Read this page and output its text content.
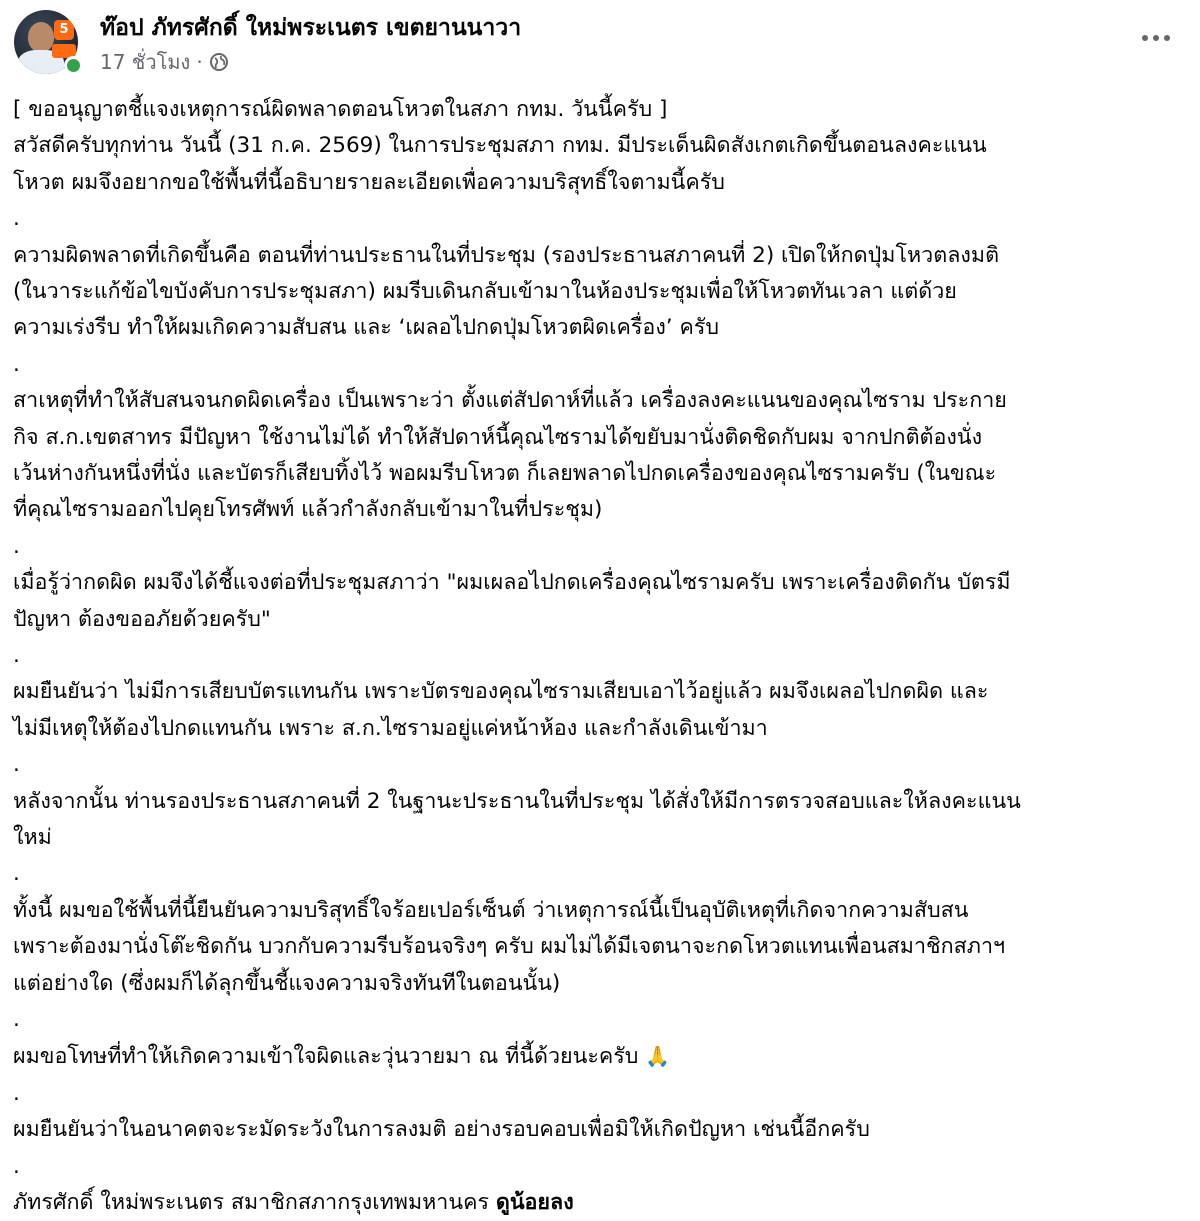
5 ท๊อป ภัทรศักดิ์ ใหม่พระเนตร เขตยานนาวา
17 ชั่วโมง ·
[ ขออนุญาตชี้แจงเหตุการณ์ผิดพลาดตอนโหวตในสภา กทม. วันนี้ครับ ]
สวัสดีครับทุกท่าน วันนี้ (31 ก.ค. 2569) ในการประชุมสภา กทม. มีประเด็นผิดสังเกตเกิดขึ้นตอนลงคะแนน
โหวต ผมจึงอยากขอใช้พื้นที่นี้อธิบายรายละเอียดเพื่อความบริสุทธิ์ใจตามนี้ครับ
.
ความผิดพลาดที่เกิดขึ้นคือ ตอนที่ท่านประธานในที่ประชุม (รองประธานสภาคนที่ 2) เปิดให้กดปุ่มโหวตลงมติ
(ในวาระแก้ข้อไขบังคับการประชุมสภา) ผมรีบเดินกลับเข้ามาในห้องประชุมเพื่อให้โหวตทันเวลา แต่ด้วย
ความเร่งรีบ ทำให้ผมเกิดความสับสน และ ‘เผลอไปกดปุ่มโหวตผิดเครื่อง’ ครับ
.
สาเหตุที่ทำให้สับสนจนกดผิดเครื่อง เป็นเพราะว่า ตั้งแต่สัปดาห์ที่แล้ว เครื่องลงคะแนนของคุณไซราม ประกาย
กิจ ส.ก.เขตสาทร มีปัญหา ใช้งานไม่ได้ ทำให้สัปดาห์นี้คุณไซรามได้ขยับมานั่งติดชิดกับผม จากปกติต้องนั่ง
เว้นห่างกันหนึ่งที่นั่ง และบัตรก็เสียบทิ้งไว้ พอผมรีบโหวต ก็เลยพลาดไปกดเครื่องของคุณไซรามครับ (ในขณะ
ที่คุณไซรามออกไปคุยโทรศัพท์ แล้วกำลังกลับเข้ามาในที่ประชุม)
.
เมื่อรู้ว่ากดผิด ผมจึงได้ชี้แจงต่อที่ประชุมสภาว่า "ผมเผลอไปกดเครื่องคุณไซรามครับ เพราะเครื่องติดกัน บัตรมี
ปัญหา ต้องขออภัยด้วยครับ"
.
ผมยืนยันว่า ไม่มีการเสียบบัตรแทนกัน เพราะบัตรของคุณไซรามเสียบเอาไว้อยู่แล้ว ผมจึงเผลอไปกดผิด และ
ไม่มีเหตุให้ต้องไปกดแทนกัน เพราะ ส.ก.ไซรามอยู่แค่หน้าห้อง และกำลังเดินเข้ามา
.
หลังจากนั้น ท่านรองประธานสภาคนที่ 2 ในฐานะประธานในที่ประชุม ได้สั่งให้มีการตรวจสอบและให้ลงคะแนน
ใหม่
.
ทั้งนี้ ผมขอใช้พื้นที่นี้ยืนยันความบริสุทธิ์ใจร้อยเปอร์เซ็นต์ ว่าเหตุการณ์นี้เป็นอุบัติเหตุที่เกิดจากความสับสน
เพราะต้องมานั่งโต๊ะชิดกัน บวกกับความรีบร้อนจริงๆ ครับ ผมไม่ได้มีเจตนาจะกดโหวตแทนเพื่อนสมาชิกสภาฯ
แต่อย่างใด (ซึ่งผมก็ได้ลุกขึ้นชี้แจงความจริงทันทีในตอนนั้น)
.
ผมขอโทษที่ทำให้เกิดความเข้าใจผิดและวุ่นวายมา ณ ที่นี้ด้วยนะครับ 🙏
.
ผมยืนยันว่าในอนาคตจะระมัดระวังในการลงมติ อย่างรอบคอบเพื่อมิให้เกิดปัญหา เช่นนี้อีกครับ
.
ภัทรศักดิ์ ใหม่พระเนตร สมาชิกสภากรุงเทพมหานคร ดูน้อยลง
